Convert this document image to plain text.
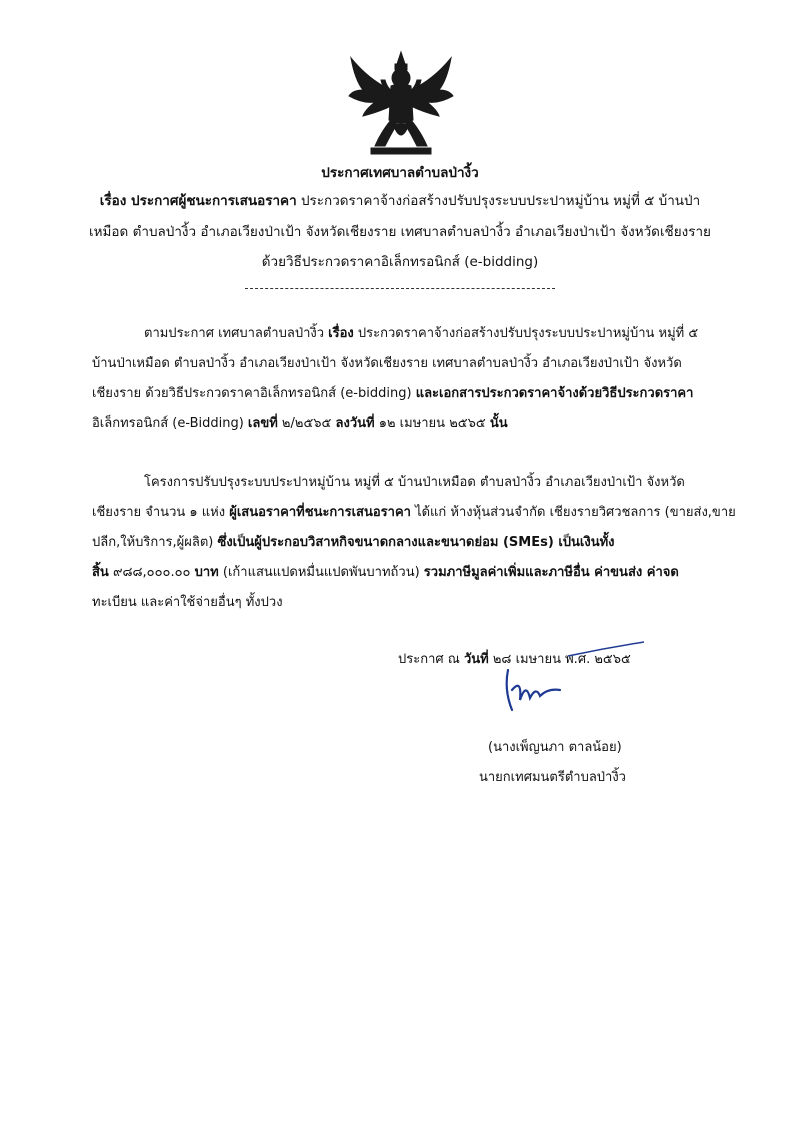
ประกาศเทศบาลตำบลป่างิ้ว
เรื่อง ประกาศผู้ชนะการเสนอราคา ประกวดราคาจ้างก่อสร้างปรับปรุงระบบประปาหมู่บ้าน หมู่ที่ ๕ บ้านป่า
เหมือด ตำบลป่างิ้ว อำเภอเวียงป่าเป้า จังหวัดเชียงราย เทศบาลตำบลป่างิ้ว อำเภอเวียงป่าเป้า จังหวัดเชียงราย
ด้วยวิธีประกวดราคาอิเล็กทรอนิกส์ (e-bidding)
ตามประกาศ เทศบาลตำบลป่างิ้ว เรื่อง ประกวดราคาจ้างก่อสร้างปรับปรุงระบบประปาหมู่บ้าน หมู่ที่ ๕
บ้านป่าเหมือด ตำบลป่างิ้ว อำเภอเวียงป่าเป้า จังหวัดเชียงราย เทศบาลตำบลป่างิ้ว อำเภอเวียงป่าเป้า จังหวัด
เชียงราย ด้วยวิธีประกวดราคาอิเล็กทรอนิกส์ (e-bidding) และเอกสารประกวดราคาจ้างด้วยวิธีประกวดราคา
อิเล็กทรอนิกส์ (e-Bidding) เลขที่ ๒/๒๕๖๕ ลงวันที่ ๑๒ เมษายน ๒๕๖๕ นั้น
โครงการปรับปรุงระบบประปาหมู่บ้าน หมู่ที่ ๕ บ้านป่าเหมือด ตำบลป่างิ้ว อำเภอเวียงป่าเป้า จังหวัด
เชียงราย จำนวน ๑ แห่ง ผู้เสนอราคาที่ชนะการเสนอราคา ได้แก่ ห้างหุ้นส่วนจำกัด เชียงรายวิศวชลการ (ขายส่ง,ขาย
ปลีก,ให้บริการ,ผู้ผลิต) ซึ่งเป็นผู้ประกอบวิสาหกิจขนาดกลางและขนาดย่อม (SMEs) เป็นเงินทั้ง
สิ้น ๙๘๘,๐๐๐.๐๐ บาท (เก้าแสนแปดหมื่นแปดพันบาทถ้วน) รวมภาษีมูลค่าเพิ่มและภาษีอื่น ค่าขนส่ง ค่าจด
ทะเบียน และค่าใช้จ่ายอื่นๆ ทั้งปวง
ประกาศ ณ วันที่ ๒๘ เมษายน พ.ศ. ๒๕๖๕
(นางเพ็ญนภา ตาลน้อย)
นายกเทศมนตรีตำบลป่างิ้ว
